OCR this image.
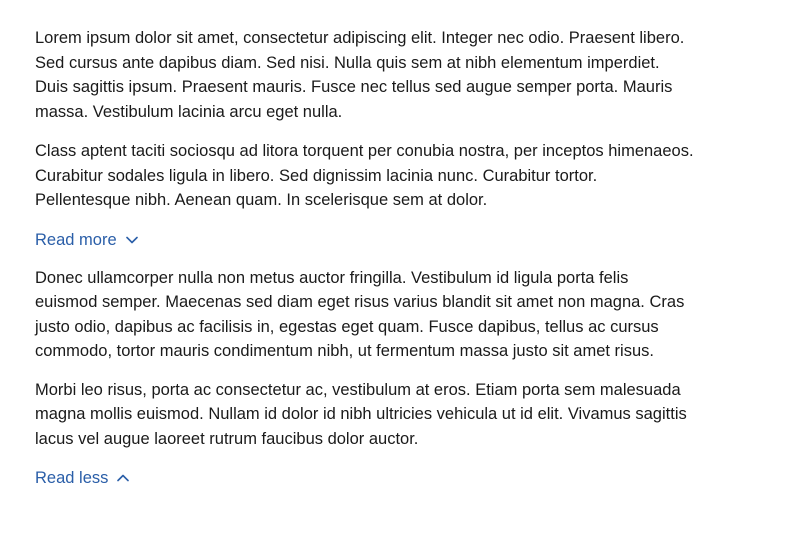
Lorem ipsum dolor sit amet, consectetur adipiscing elit. Integer nec odio. Praesent libero. Sed cursus ante dapibus diam. Sed nisi. Nulla quis sem at nibh elementum imperdiet. Duis sagittis ipsum. Praesent mauris. Fusce nec tellus sed augue semper porta. Mauris massa. Vestibulum lacinia arcu eget nulla.

Class aptent taciti sociosqu ad litora torquent per conubia nostra, per inceptos himenaeos. Curabitur sodales ligula in libero. Sed dignissim lacinia nunc. Curabitur tortor. Pellentesque nibh. Aenean quam. In scelerisque sem at dolor.

Read more

Donec ullamcorper nulla non metus auctor fringilla. Vestibulum id ligula porta felis euismod semper. Maecenas sed diam eget risus varius blandit sit amet non magna. Cras justo odio, dapibus ac facilisis in, egestas eget quam. Fusce dapibus, tellus ac cursus commodo, tortor mauris condimentum nibh, ut fermentum massa justo sit amet risus.

Morbi leo risus, porta ac consectetur ac, vestibulum at eros. Etiam porta sem malesuada magna mollis euismod. Nullam id dolor id nibh ultricies vehicula ut id elit. Vivamus sagittis lacus vel augue laoreet rutrum faucibus dolor auctor.

Read less
